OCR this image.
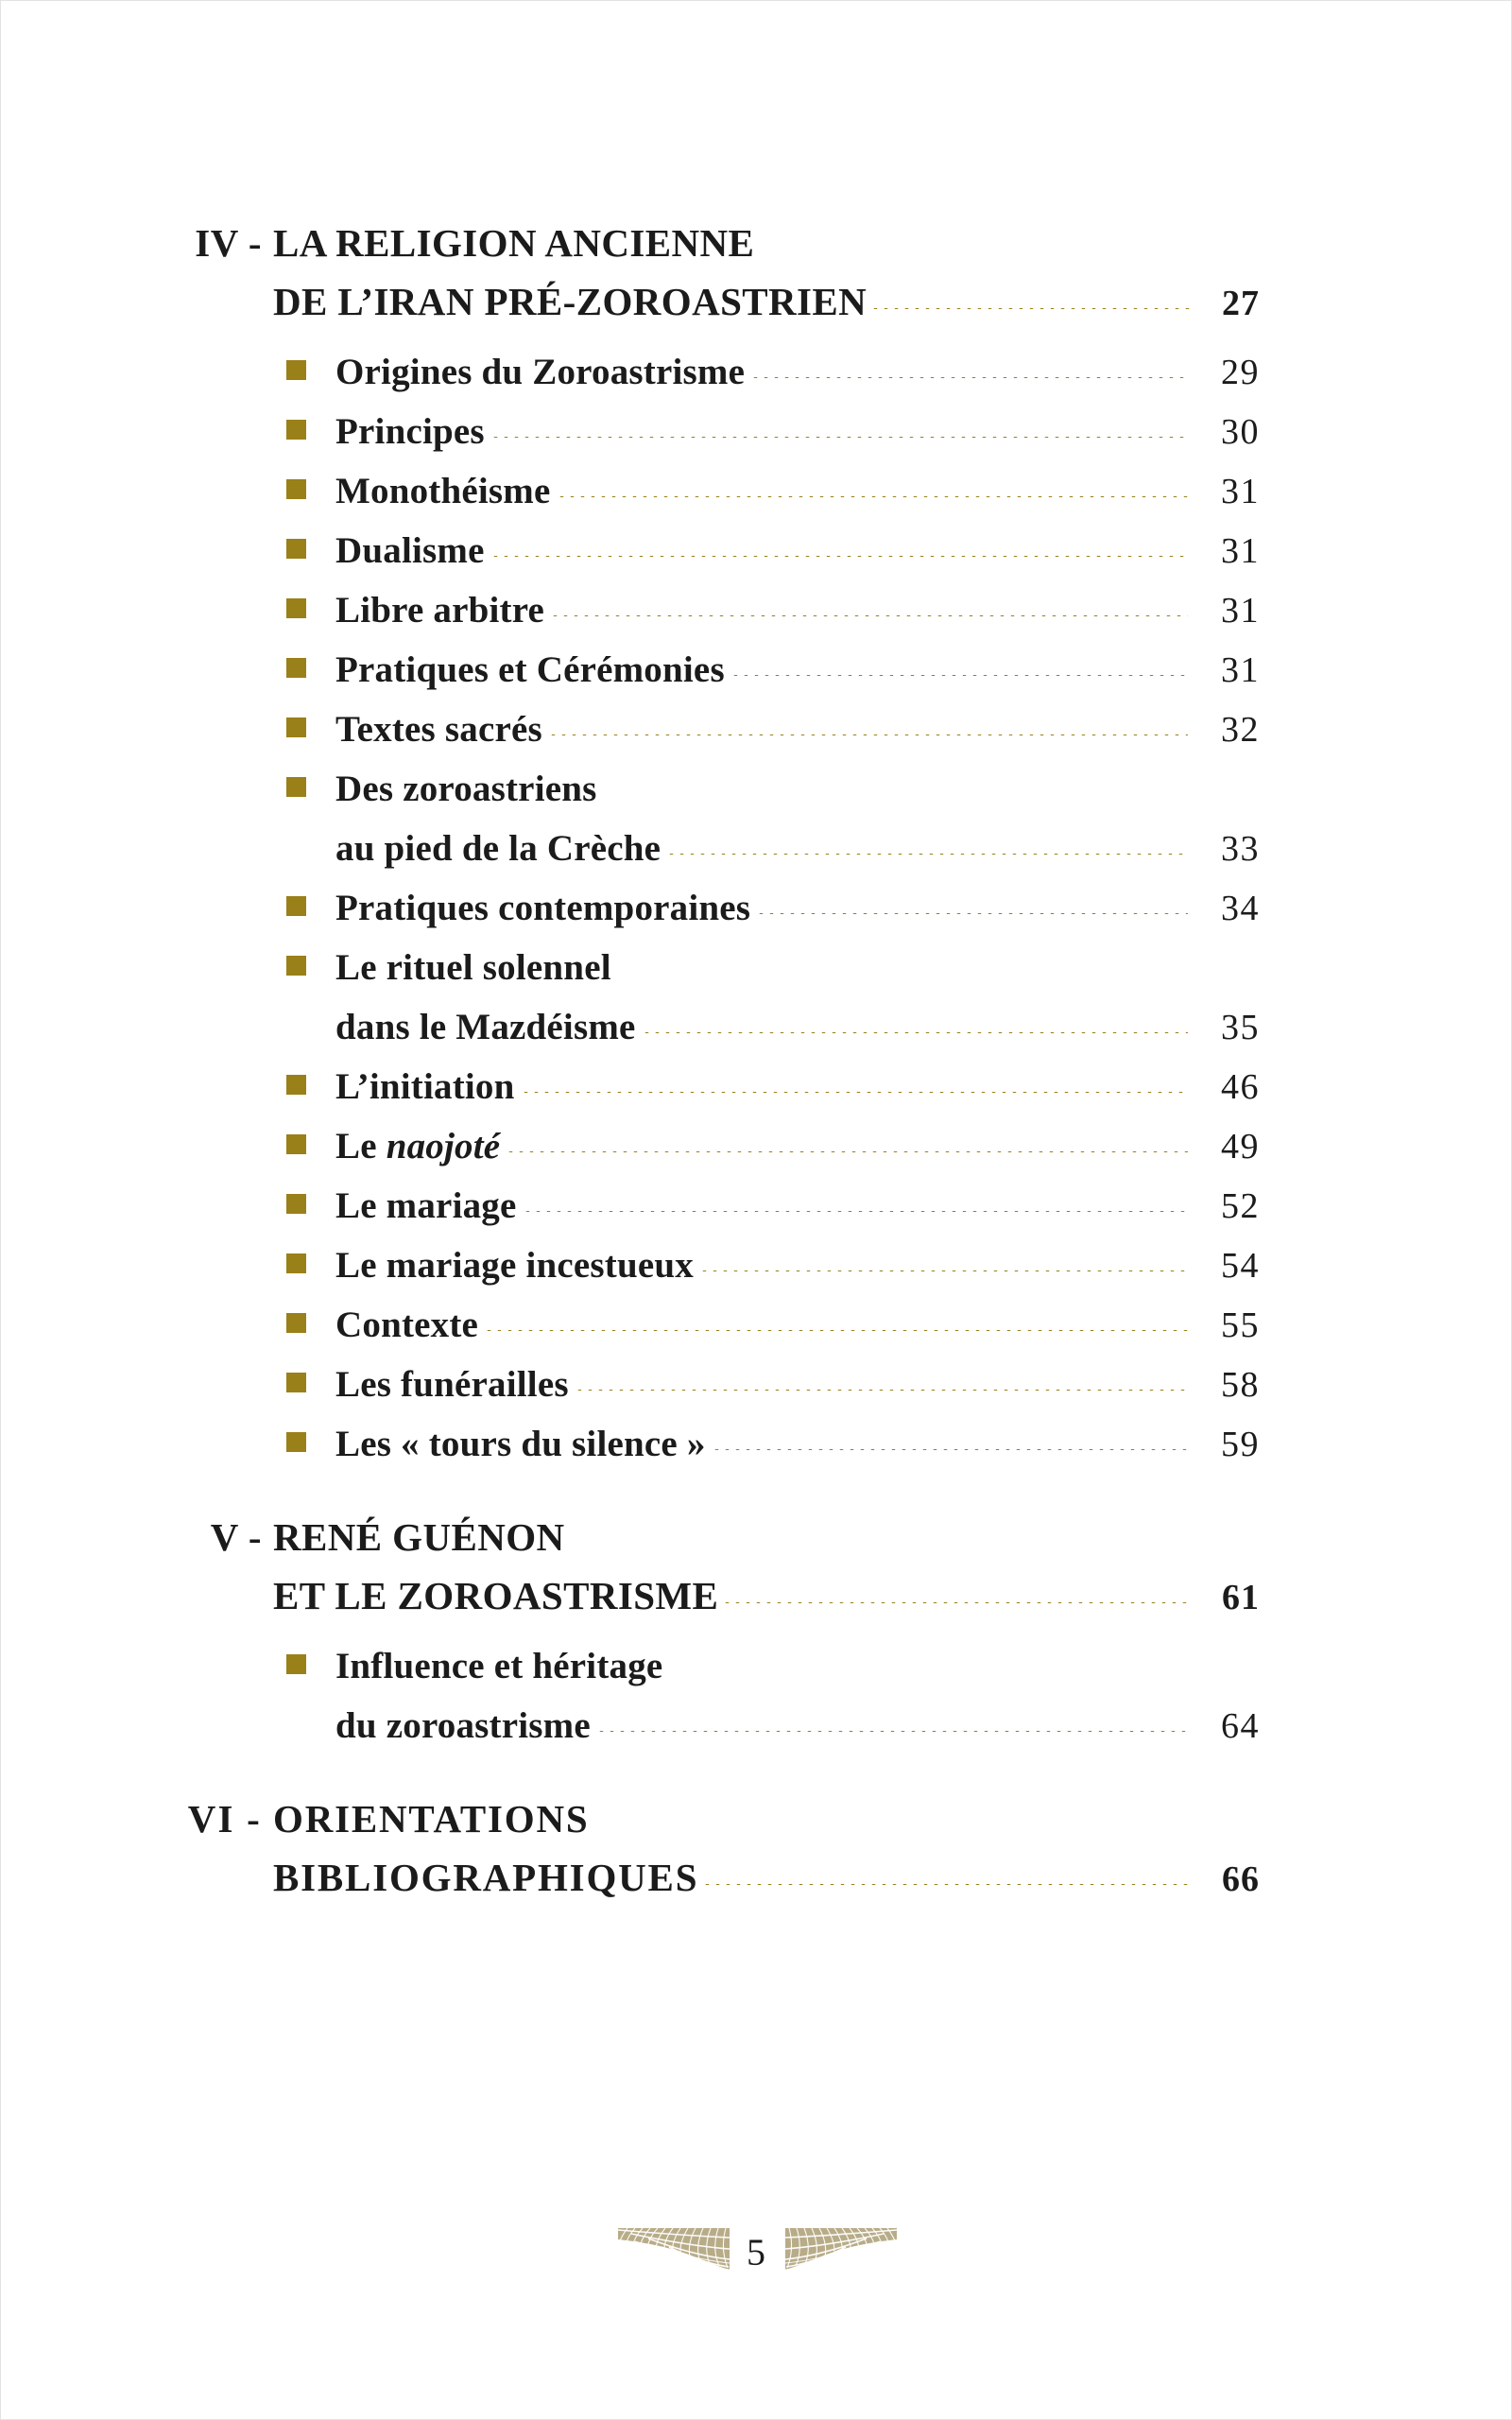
IV - LA RELIGION ANCIENNE
DE L’IRAN PRÉ-ZOROASTRIEN	27
Origines du Zoroastrisme	29
Principes	30
Monothéisme	31
Dualisme	31
Libre arbitre	31
Pratiques et Cérémonies	31
Textes sacrés	32
Des zoroastriens
au pied de la Crèche	33
Pratiques contemporaines	34
Le rituel solennel
dans le Mazdéisme	35
L’initiation	46
Le naojoté	49
Le mariage	52
Le mariage incestueux	54
Contexte	55
Les funérailles	58
Les « tours du silence »	59
V - RENÉ GUÉNON
ET LE ZOROASTRISME	61
Influence et héritage
du zoroastrisme	64
VI - ORIENTATIONS
BIBLIOGRAPHIQUES	66
5
